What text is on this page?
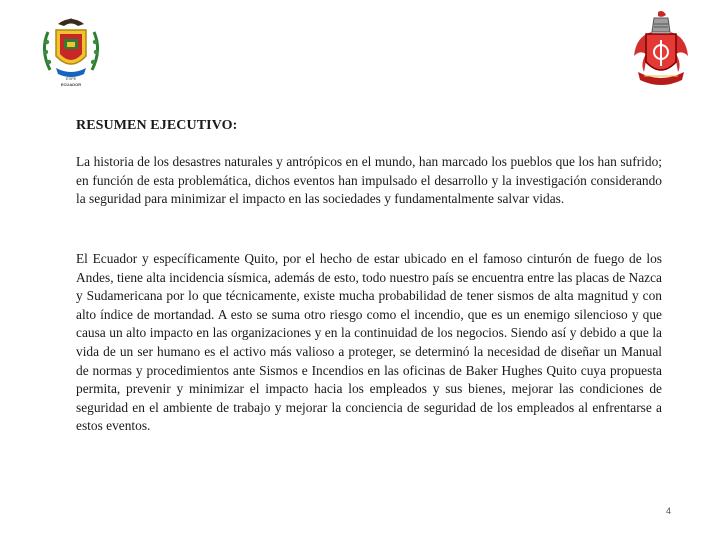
ESPE
ECUADOR
RESUMEN EJECUTIVO:

La historia de los desastres naturales y antrópicos en el mundo, han marcado los pueblos que los han sufrido; en función de esta problemática, dichos eventos han impulsado el desarrollo y la investigación considerando la seguridad para minimizar el impacto en las sociedades y fundamentalmente salvar vidas.

El Ecuador y específicamente Quito, por el hecho de estar ubicado en el famoso cinturón de fuego de los Andes, tiene alta incidencia sísmica, además de esto, todo nuestro país se encuentra entre las placas de Nazca y Sudamericana por lo que técnicamente, existe mucha probabilidad de tener sismos de alta magnitud y con alto índice de mortandad. A esto se suma otro riesgo como el incendio, que es un enemigo silencioso y que causa un alto impacto en las organizaciones y en la continuidad de los negocios. Siendo así y debido a que la vida de un ser humano es el activo más valioso a proteger, se determinó la necesidad de diseñar un Manual de normas y procedimientos ante Sismos e Incendios en las oficinas de Baker Hughes Quito cuya propuesta permita, prevenir y minimizar el impacto hacia los empleados y sus bienes, mejorar las condiciones de seguridad en el ambiente de trabajo y mejorar la conciencia de seguridad de los empleados al enfrentarse a estos eventos.

4
